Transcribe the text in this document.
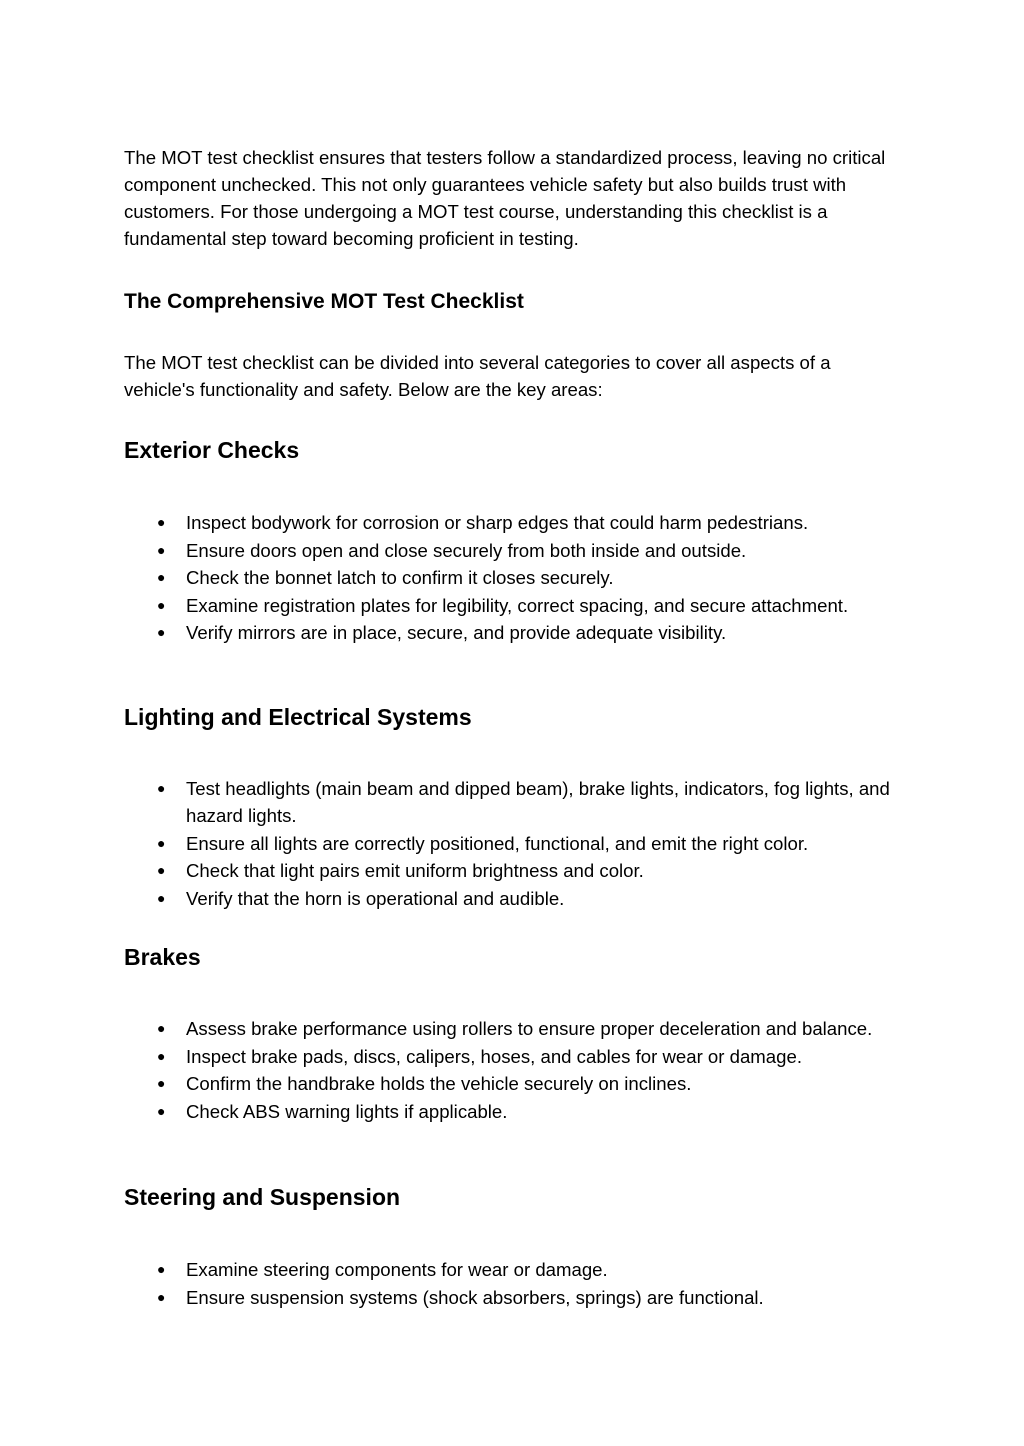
The MOT test checklist ensures that testers follow a standardized process, leaving no critical component unchecked. This not only guarantees vehicle safety but also builds trust with customers. For those undergoing a MOT test course, understanding this checklist is a fundamental step toward becoming proficient in testing.

The Comprehensive MOT Test Checklist

The MOT test checklist can be divided into several categories to cover all aspects of a vehicle's functionality and safety. Below are the key areas:

Exterior Checks
● Inspect bodywork for corrosion or sharp edges that could harm pedestrians.
● Ensure doors open and close securely from both inside and outside.
● Check the bonnet latch to confirm it closes securely.
● Examine registration plates for legibility, correct spacing, and secure attachment.
● Verify mirrors are in place, secure, and provide adequate visibility.
Lighting and Electrical Systems
● Test headlights (main beam and dipped beam), brake lights, indicators, fog lights, and hazard lights.
● Ensure all lights are correctly positioned, functional, and emit the right color.
● Check that light pairs emit uniform brightness and color.
● Verify that the horn is operational and audible.
Brakes
● Assess brake performance using rollers to ensure proper deceleration and balance.
● Inspect brake pads, discs, calipers, hoses, and cables for wear or damage.
● Confirm the handbrake holds the vehicle securely on inclines.
● Check ABS warning lights if applicable.
Steering and Suspension
● Examine steering components for wear or damage.
● Ensure suspension systems (shock absorbers, springs) are functional.
